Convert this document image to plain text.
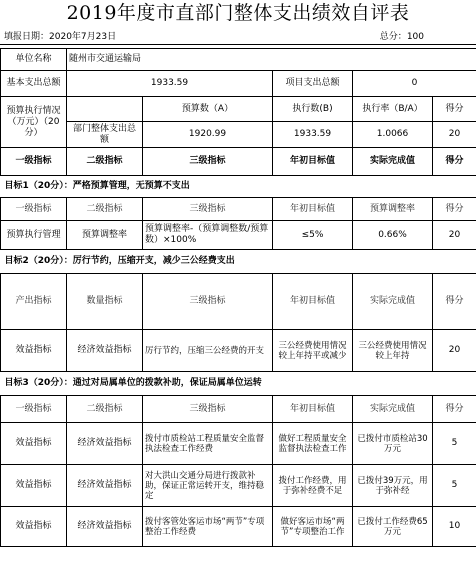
2019年度市直部门整体支出绩效自评表
填报日期：2020年7月23日	总分：100
单位名称	随州市交通运输局				
基本支出总额	1933.59		项目支出总额	0	
预算执行情况（万元）（20分）		预算数（A）	执行数(B)	执行率（B/A）	得分
	部门整体支出总额	1920.99	1933.59	1.0066	20
一级指标	二级指标	三级指标	年初目标值	实际完成值	得分
目标1（20分）：严格预算管理，无预算不支出					
一级指标	二级指标	三级指标	年初目标值	预算调整率	得分
预算执行管理	预算调整率	预算调整率-（预算调整数/预算数）×100%	≤5%	0.66%	20
目标2（20分）：厉行节约，压缩开支，减少三公经费支出					
产出指标	数量指标	三级指标	年初目标值	实际完成值	得分
效益指标	经济效益指标	厉行节约，压缩三公经费的开支	三公经费使用情况较上年持平或减少	三公经费使用情况较上年持	20
目标3（20分）：通过对局属单位的拨款补助，保证局属单位运转					
一级指标	二级指标	三级指标	年初目标值	实际完成值	得分
效益指标	经济效益指标	拨付市质检站工程质量安全监督执法检查工作经费	做好工程质量安全监督执法检查工作	已拨付市质检站30万元	5
效益指标	经济效益指标	对大洪山交通分局进行拨款补助，保证正常运转开支，维持稳定	拨付工作经费，用于弥补经费不足	已拨付39万元，用于弥补经	5
效益指标	经济效益指标	拨付客管处客运市场“两节”专项整治工作经费	做好客运市场“两节”专项整治工作	已拨付工作经费65万元	10
